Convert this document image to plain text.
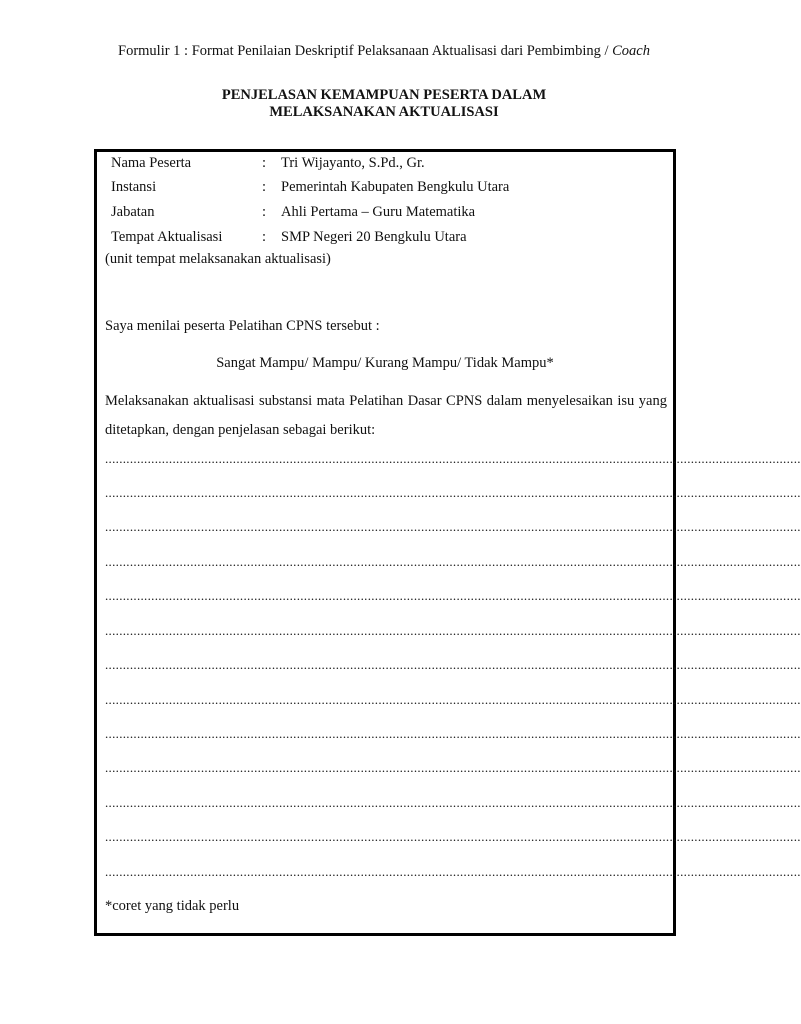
Formulir 1 : Format Penilaian Deskriptif Pelaksanaan Aktualisasi dari Pembimbing / Coach
PENJELASAN KEMAMPUAN PESERTA DALAM
MELAKSANAKAN AKTUALISASI
Nama Peserta	: Tri Wijayanto, S.Pd., Gr.
Instansi	: Pemerintah Kabupaten Bengkulu Utara
Jabatan	: Ahli Pertama – Guru Matematika
Tempat Aktualisasi	: SMP Negeri 20 Bengkulu Utara
(unit tempat melaksanakan aktualisasi)
Saya menilai peserta Pelatihan CPNS tersebut :
Sangat Mampu/ Mampu/ Kurang Mampu/ Tidak Mampu*
Melaksanakan aktualisasi substansi mata Pelatihan Dasar CPNS dalam menyelesaikan isu yang ditetapkan, dengan penjelasan sebagai berikut:
....................................................................................................................................................................................................
....................................................................................................................................................................................................
....................................................................................................................................................................................................
....................................................................................................................................................................................................
....................................................................................................................................................................................................
....................................................................................................................................................................................................
....................................................................................................................................................................................................
....................................................................................................................................................................................................
....................................................................................................................................................................................................
....................................................................................................................................................................................................
....................................................................................................................................................................................................
....................................................................................................................................................................................................
....................................................................................................................................................................................................
*coret yang tidak perlu
